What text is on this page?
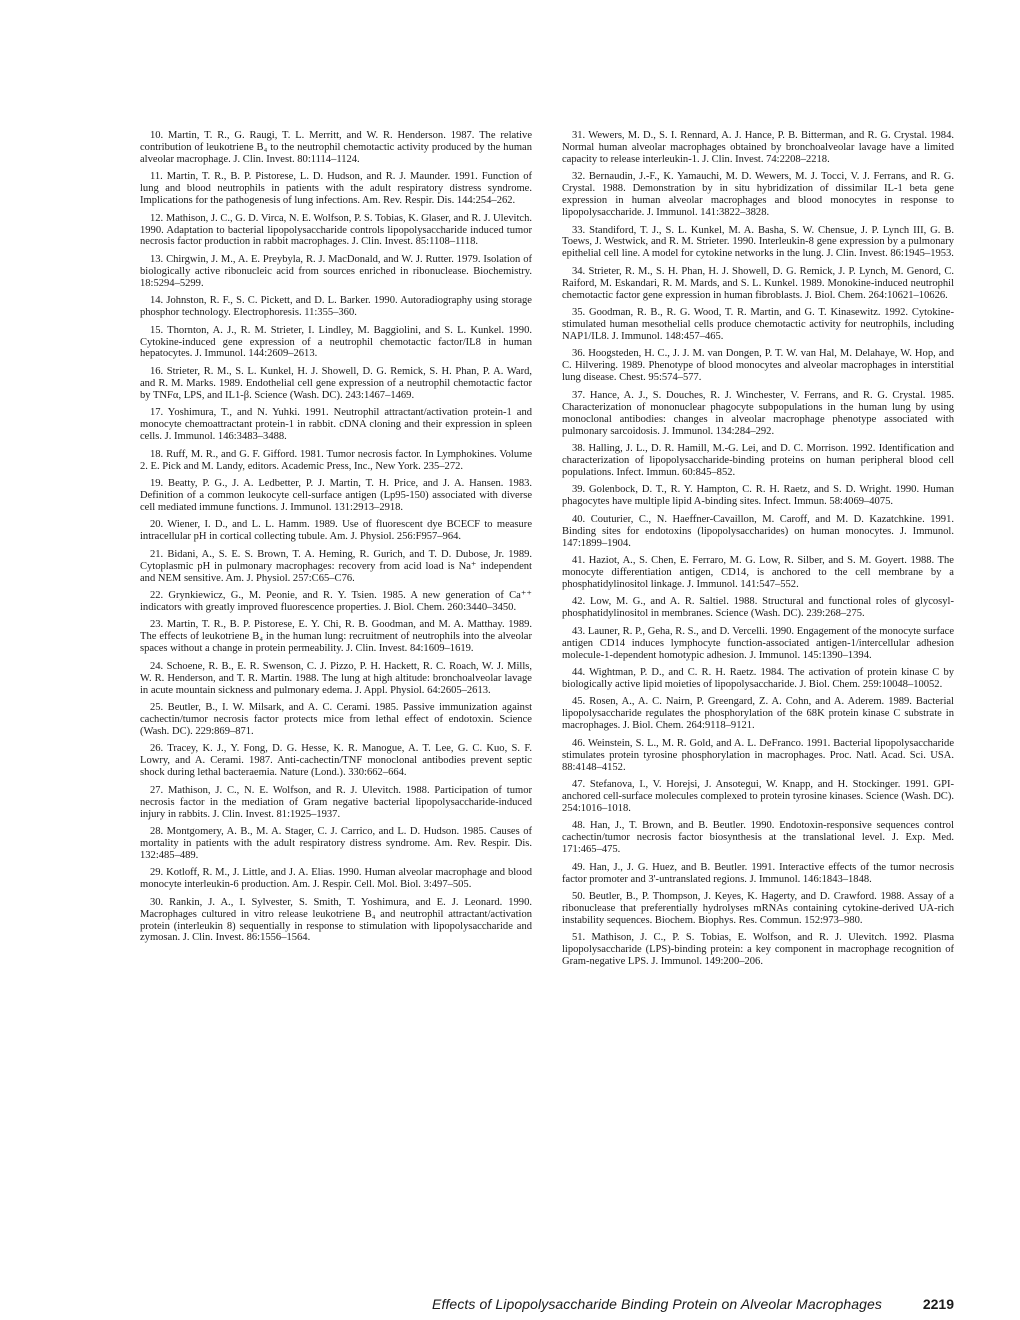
10. Martin, T. R., G. Raugi, T. L. Merritt, and W. R. Henderson. 1987. The relative contribution of leukotriene B₄ to the neutrophil chemotactic activity produced by the human alveolar macrophage. J. Clin. Invest. 80:1114–1124.

11. Martin, T. R., B. P. Pistorese, L. D. Hudson, and R. J. Maunder. 1991. Function of lung and blood neutrophils in patients with the adult respiratory distress syndrome. Implications for the pathogenesis of lung infections. Am. Rev. Respir. Dis. 144:254–262.

12. Mathison, J. C., G. D. Virca, N. E. Wolfson, P. S. Tobias, K. Glaser, and R. J. Ulevitch. 1990. Adaptation to bacterial lipopolysaccharide controls lipopolysaccharide induced tumor necrosis factor production in rabbit macrophages. J. Clin. Invest. 85:1108–1118.

13. Chirgwin, J. M., A. E. Preybyla, R. J. MacDonald, and W. J. Rutter. 1979. Isolation of biologically active ribonucleic acid from sources enriched in ribonuclease. Biochemistry. 18:5294–5299.

14. Johnston, R. F., S. C. Pickett, and D. L. Barker. 1990. Autoradiography using storage phosphor technology. Electrophoresis. 11:355–360.

15. Thornton, A. J., R. M. Strieter, I. Lindley, M. Baggiolini, and S. L. Kunkel. 1990. Cytokine-induced gene expression of a neutrophil chemotactic factor/IL8 in human hepatocytes. J. Immunol. 144:2609–2613.

16. Strieter, R. M., S. L. Kunkel, H. J. Showell, D. G. Remick, S. H. Phan, P. A. Ward, and R. M. Marks. 1989. Endothelial cell gene expression of a neutrophil chemotactic factor by TNFα, LPS, and IL1-β. Science (Wash. DC). 243:1467–1469.

17. Yoshimura, T., and N. Yuhki. 1991. Neutrophil attractant/activation protein-1 and monocyte chemoattractant protein-1 in rabbit. cDNA cloning and their expression in spleen cells. J. Immunol. 146:3483–3488.

18. Ruff, M. R., and G. F. Gifford. 1981. Tumor necrosis factor. In Lymphokines. Volume 2. E. Pick and M. Landy, editors. Academic Press, Inc., New York. 235–272.

19. Beatty, P. G., J. A. Ledbetter, P. J. Martin, T. H. Price, and J. A. Hansen. 1983. Definition of a common leukocyte cell-surface antigen (Lp95-150) associated with diverse cell mediated immune functions. J. Immunol. 131:2913–2918.

20. Wiener, I. D., and L. L. Hamm. 1989. Use of fluorescent dye BCECF to measure intracellular pH in cortical collecting tubule. Am. J. Physiol. 256:F957–964.

21. Bidani, A., S. E. S. Brown, T. A. Heming, R. Gurich, and T. D. Dubose, Jr. 1989. Cytoplasmic pH in pulmonary macrophages: recovery from acid load is Na⁺ independent and NEM sensitive. Am. J. Physiol. 257:C65–C76.

22. Grynkiewicz, G., M. Peonie, and R. Y. Tsien. 1985. A new generation of Ca⁺⁺ indicators with greatly improved fluorescence properties. J. Biol. Chem. 260:3440–3450.

23. Martin, T. R., B. P. Pistorese, E. Y. Chi, R. B. Goodman, and M. A. Matthay. 1989. The effects of leukotriene B₄ in the human lung: recruitment of neutrophils into the alveolar spaces without a change in protein permeability. J. Clin. Invest. 84:1609–1619.

24. Schoene, R. B., E. R. Swenson, C. J. Pizzo, P. H. Hackett, R. C. Roach, W. J. Mills, W. R. Henderson, and T. R. Martin. 1988. The lung at high altitude: bronchoalveolar lavage in acute mountain sickness and pulmonary edema. J. Appl. Physiol. 64:2605–2613.

25. Beutler, B., I. W. Milsark, and A. C. Cerami. 1985. Passive immunization against cachectin/tumor necrosis factor protects mice from lethal effect of endotoxin. Science (Wash. DC). 229:869–871.

26. Tracey, K. J., Y. Fong, D. G. Hesse, K. R. Manogue, A. T. Lee, G. C. Kuo, S. F. Lowry, and A. Cerami. 1987. Anti-cachectin/TNF monoclonal antibodies prevent septic shock during lethal bacteraemia. Nature (Lond.). 330:662–664.

27. Mathison, J. C., N. E. Wolfson, and R. J. Ulevitch. 1988. Participation of tumor necrosis factor in the mediation of Gram negative bacterial lipopolysaccharide-induced injury in rabbits. J. Clin. Invest. 81:1925–1937.

28. Montgomery, A. B., M. A. Stager, C. J. Carrico, and L. D. Hudson. 1985. Causes of mortality in patients with the adult respiratory distress syndrome. Am. Rev. Respir. Dis. 132:485–489.

29. Kotloff, R. M., J. Little, and J. A. Elias. 1990. Human alveolar macrophage and blood monocyte interleukin-6 production. Am. J. Respir. Cell. Mol. Biol. 3:497–505.

30. Rankin, J. A., I. Sylvester, S. Smith, T. Yoshimura, and E. J. Leonard. 1990. Macrophages cultured in vitro release leukotriene B₄ and neutrophil attractant/activation protein (interleukin 8) sequentially in response to stimulation with lipopolysaccharide and zymosan. J. Clin. Invest. 86:1556–1564.

31. Wewers, M. D., S. I. Rennard, A. J. Hance, P. B. Bitterman, and R. G. Crystal. 1984. Normal human alveolar macrophages obtained by bronchoalveolar lavage have a limited capacity to release interleukin-1. J. Clin. Invest. 74:2208–2218.

32. Bernaudin, J.-F., K. Yamauchi, M. D. Wewers, M. J. Tocci, V. J. Ferrans, and R. G. Crystal. 1988. Demonstration by in situ hybridization of dissimilar IL-1 beta gene expression in human alveolar macrophages and blood monocytes in response to lipopolysaccharide. J. Immunol. 141:3822–3828.

33. Standiford, T. J., S. L. Kunkel, M. A. Basha, S. W. Chensue, J. P. Lynch III, G. B. Toews, J. Westwick, and R. M. Strieter. 1990. Interleukin-8 gene expression by a pulmonary epithelial cell line. A model for cytokine networks in the lung. J. Clin. Invest. 86:1945–1953.

34. Strieter, R. M., S. H. Phan, H. J. Showell, D. G. Remick, J. P. Lynch, M. Genord, C. Raiford, M. Eskandari, R. M. Mards, and S. L. Kunkel. 1989. Monokine-induced neutrophil chemotactic factor gene expression in human fibroblasts. J. Biol. Chem. 264:10621–10626.

35. Goodman, R. B., R. G. Wood, T. R. Martin, and G. T. Kinasewitz. 1992. Cytokine-stimulated human mesothelial cells produce chemotactic activity for neutrophils, including NAP1/IL8. J. Immunol. 148:457–465.

36. Hoogsteden, H. C., J. J. M. van Dongen, P. T. W. van Hal, M. Delahaye, W. Hop, and C. Hilvering. 1989. Phenotype of blood monocytes and alveolar macrophages in interstitial lung disease. Chest. 95:574–577.

37. Hance, A. J., S. Douches, R. J. Winchester, V. Ferrans, and R. G. Crystal. 1985. Characterization of mononuclear phagocyte subpopulations in the human lung by using monoclonal antibodies: changes in alveolar macrophage phenotype associated with pulmonary sarcoidosis. J. Immunol. 134:284–292.

38. Halling, J. L., D. R. Hamill, M.-G. Lei, and D. C. Morrison. 1992. Identification and characterization of lipopolysaccharide-binding proteins on human peripheral blood cell populations. Infect. Immun. 60:845–852.

39. Golenbock, D. T., R. Y. Hampton, C. R. H. Raetz, and S. D. Wright. 1990. Human phagocytes have multiple lipid A-binding sites. Infect. Immun. 58:4069–4075.

40. Couturier, C., N. Haeffner-Cavaillon, M. Caroff, and M. D. Kazatchkine. 1991. Binding sites for endotoxins (lipopolysaccharides) on human monocytes. J. Immunol. 147:1899–1904.

41. Haziot, A., S. Chen, E. Ferraro, M. G. Low, R. Silber, and S. M. Goyert. 1988. The monocyte differentiation antigen, CD14, is anchored to the cell membrane by a phosphatidylinositol linkage. J. Immunol. 141:547–552.

42. Low, M. G., and A. R. Saltiel. 1988. Structural and functional roles of glycosyl-phosphatidylinositol in membranes. Science (Wash. DC). 239:268–275.

43. Launer, R. P., Geha, R. S., and D. Vercelli. 1990. Engagement of the monocyte surface antigen CD14 induces lymphocyte function-associated antigen-1/intercellular adhesion molecule-1-dependent homotypic adhesion. J. Immunol. 145:1390–1394.

44. Wightman, P. D., and C. R. H. Raetz. 1984. The activation of protein kinase C by biologically active lipid moieties of lipopolysaccharide. J. Biol. Chem. 259:10048–10052.

45. Rosen, A., A. C. Nairn, P. Greengard, Z. A. Cohn, and A. Aderem. 1989. Bacterial lipopolysaccharide regulates the phosphorylation of the 68K protein kinase C substrate in macrophages. J. Biol. Chem. 264:9118–9121.

46. Weinstein, S. L., M. R. Gold, and A. L. DeFranco. 1991. Bacterial lipopolysaccharide stimulates protein tyrosine phosphorylation in macrophages. Proc. Natl. Acad. Sci. USA. 88:4148–4152.

47. Stefanova, I., V. Horejsi, J. Ansotegui, W. Knapp, and H. Stockinger. 1991. GPI-anchored cell-surface molecules complexed to protein tyrosine kinases. Science (Wash. DC). 254:1016–1018.

48. Han, J., T. Brown, and B. Beutler. 1990. Endotoxin-responsive sequences control cachectin/tumor necrosis factor biosynthesis at the translational level. J. Exp. Med. 171:465–475.

49. Han, J., J. G. Huez, and B. Beutler. 1991. Interactive effects of the tumor necrosis factor promoter and 3'-untranslated regions. J. Immunol. 146:1843–1848.

50. Beutler, B., P. Thompson, J. Keyes, K. Hagerty, and D. Crawford. 1988. Assay of a ribonuclease that preferentially hydrolyses mRNAs containing cytokine-derived UA-rich instability sequences. Biochem. Biophys. Res. Commun. 152:973–980.

51. Mathison, J. C., P. S. Tobias, E. Wolfson, and R. J. Ulevitch. 1992. Plasma lipopolysaccharide (LPS)-binding protein: a key component in macrophage recognition of Gram-negative LPS. J. Immunol. 149:200–206.

Effects of Lipopolysaccharide Binding Protein on Alveolar Macrophages	2219
